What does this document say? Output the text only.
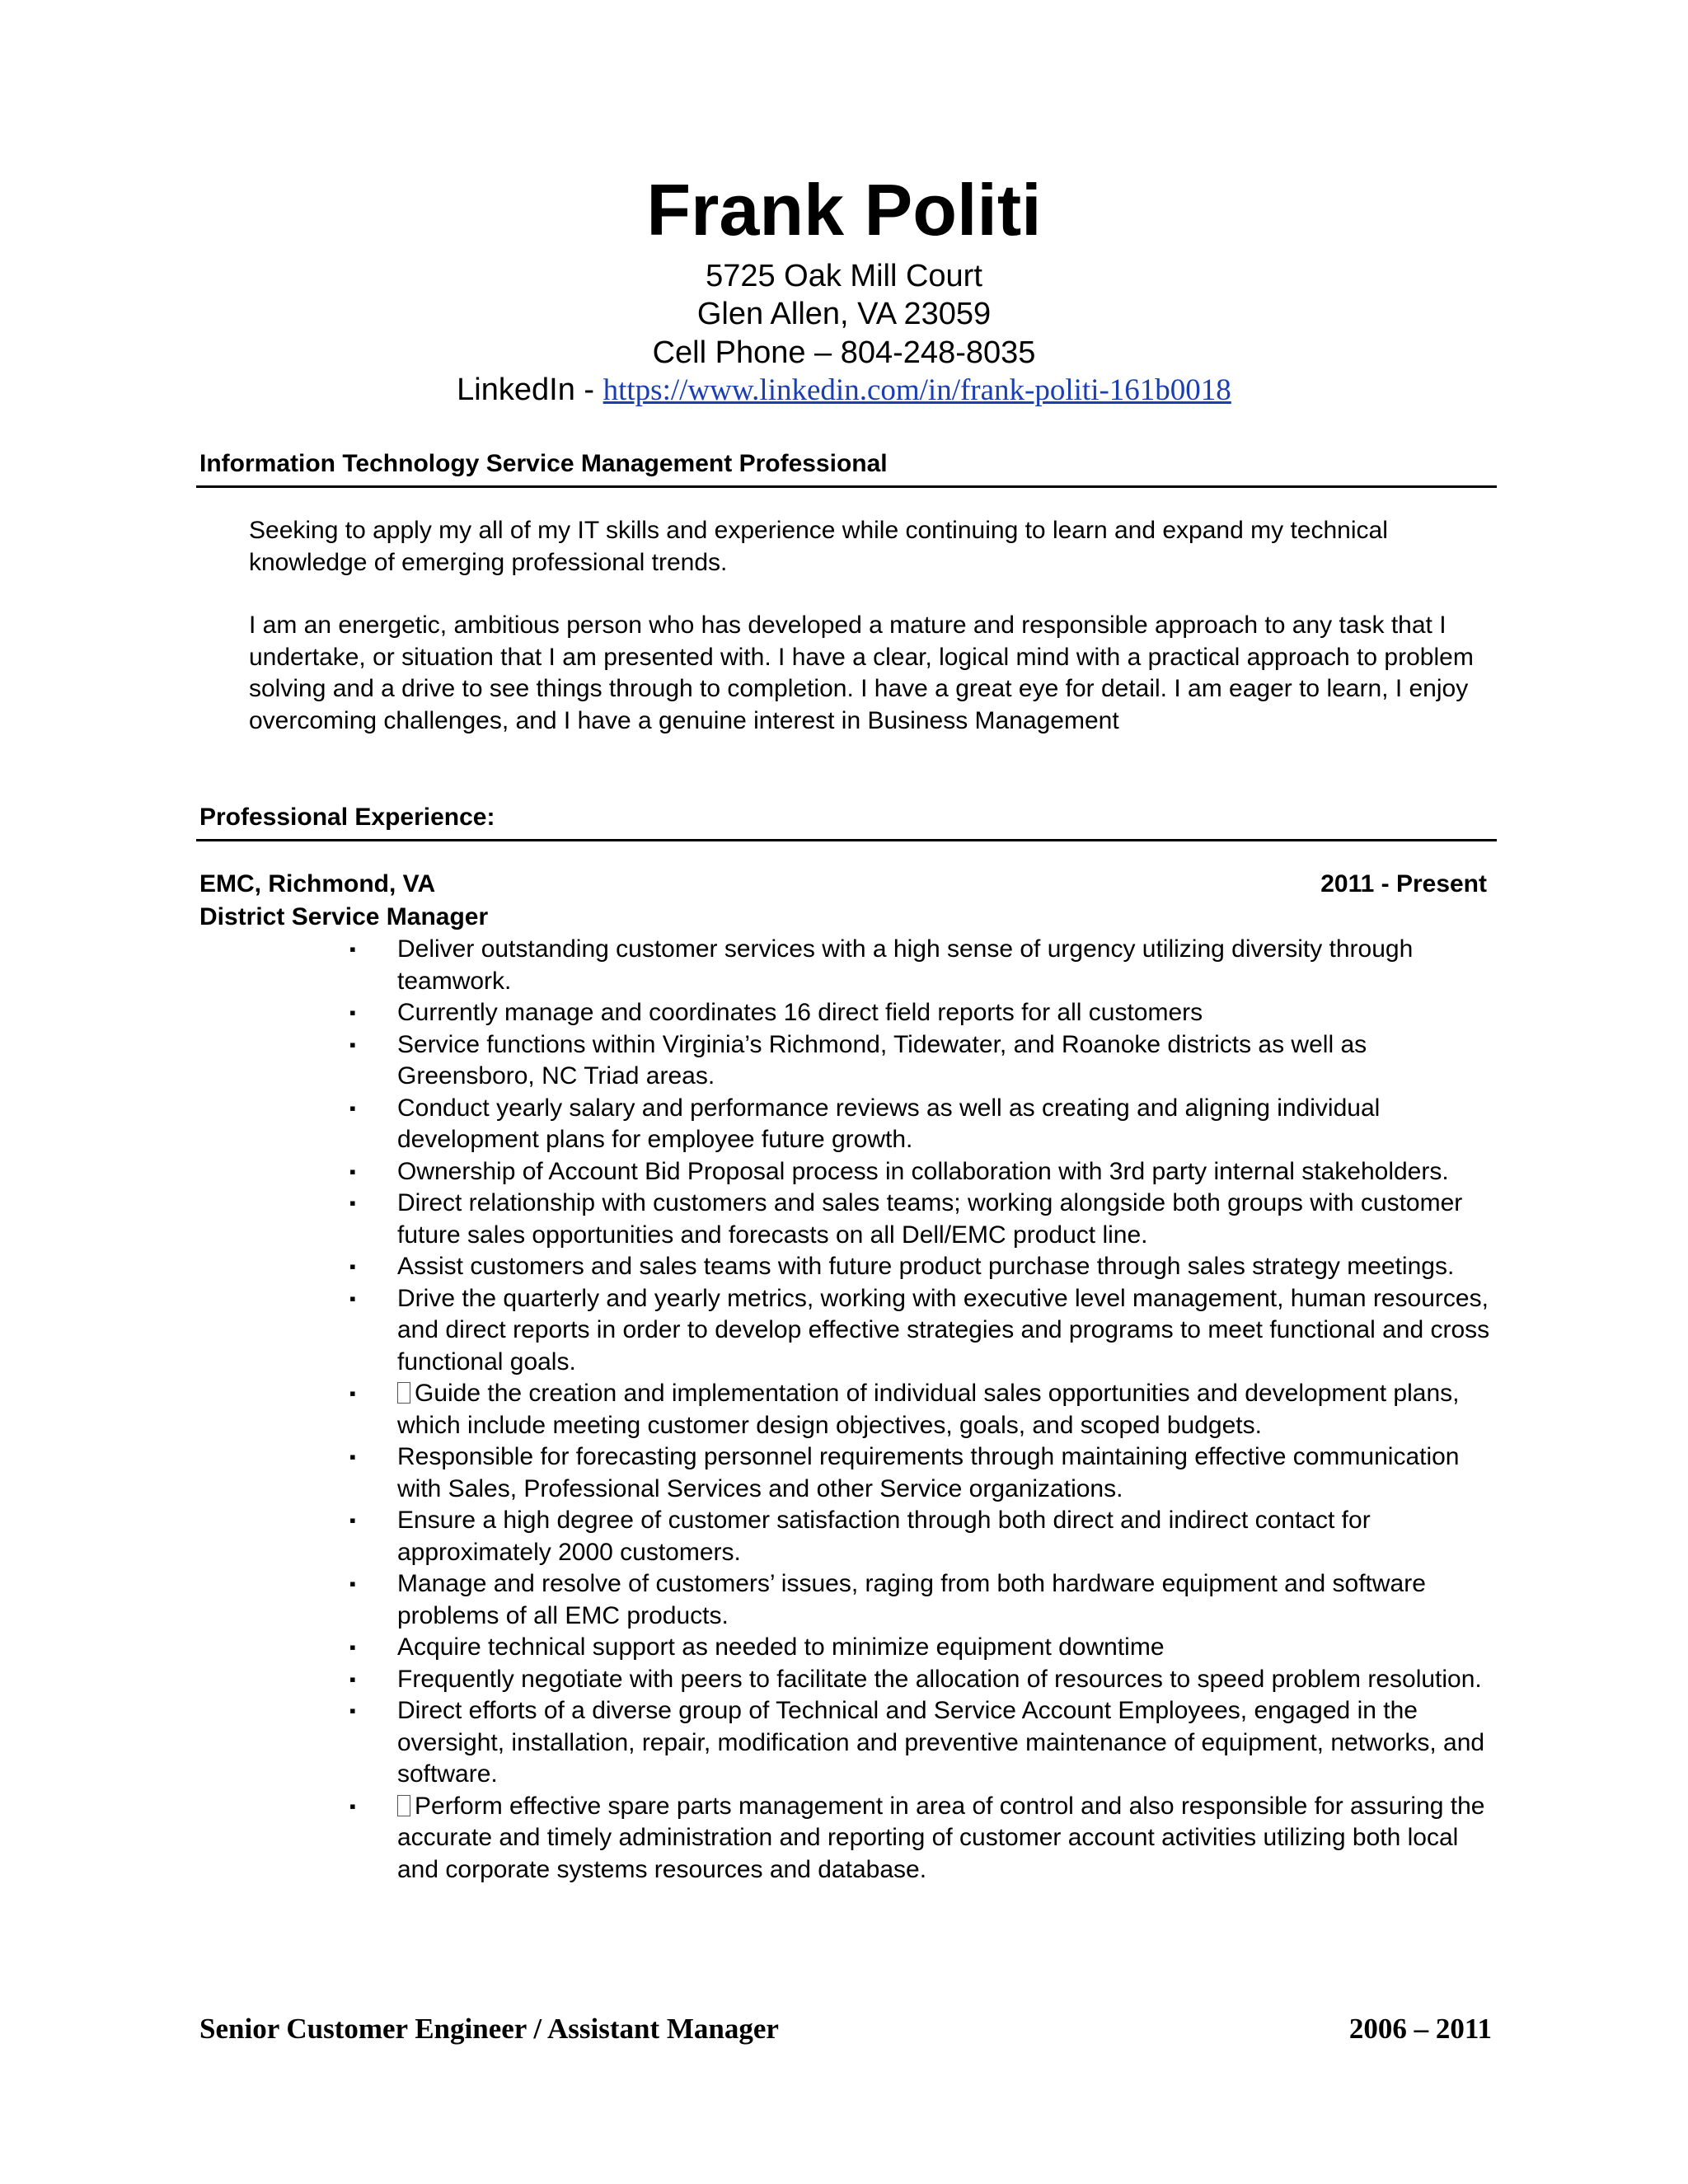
Frank Politi
5725 Oak Mill Court
Glen Allen, VA 23059
Cell Phone – 804-248-8035
LinkedIn - https://www.linkedin.com/in/frank-politi-161b0018
Information Technology Service Management Professional

Seeking to apply my all of my IT skills and experience while continuing to learn and expand my technical knowledge of emerging professional trends.

I am an energetic, ambitious person who has developed a mature and responsible approach to any task that I undertake, or situation that I am presented with. I have a clear, logical mind with a practical approach to problem solving and a drive to see things through to completion. I have a great eye for detail. I am eager to learn, I enjoy overcoming challenges, and I have a genuine interest in Business Management

Professional Experience:
EMC, Richmond, VA	2011 - Present
District Service Manager
▪ Deliver outstanding customer services with a high sense of urgency utilizing diversity through teamwork.
▪ Currently manage and coordinates 16 direct field reports for all customers
▪ Service functions within Virginia’s Richmond, Tidewater, and Roanoke districts as well as Greensboro, NC Triad areas.
▪ Conduct yearly salary and performance reviews as well as creating and aligning individual development plans for employee future growth.
▪ Ownership of Account Bid Proposal process in collaboration with 3rd party internal stakeholders.
▪ Direct relationship with customers and sales teams; working alongside both groups with customer future sales opportunities and forecasts on all Dell/EMC product line.
▪ Assist customers and sales teams with future product purchase through sales strategy meetings.
▪ Drive the quarterly and yearly metrics, working with executive level management, human resources, and direct reports in order to develop effective strategies and programs to meet functional and cross functional goals.
▪ Guide the creation and implementation of individual sales opportunities and development plans, which include meeting customer design objectives, goals, and scoped budgets.
▪ Responsible for forecasting personnel requirements through maintaining effective communication with Sales, Professional Services and other Service organizations.
▪ Ensure a high degree of customer satisfaction through both direct and indirect contact for approximately 2000 customers.
▪ Manage and resolve of customers’ issues, raging from both hardware equipment and software problems of all EMC products.
▪ Acquire technical support as needed to minimize equipment downtime
▪ Frequently negotiate with peers to facilitate the allocation of resources to speed problem resolution.
▪ Direct efforts of a diverse group of Technical and Service Account Employees, engaged in the oversight, installation, repair, modification and preventive maintenance of equipment, networks, and software.
▪ Perform effective spare parts management in area of control and also responsible for assuring the accurate and timely administration and reporting of customer account activities utilizing both local and corporate systems resources and database.
Senior Customer Engineer / Assistant Manager	2006 – 2011
